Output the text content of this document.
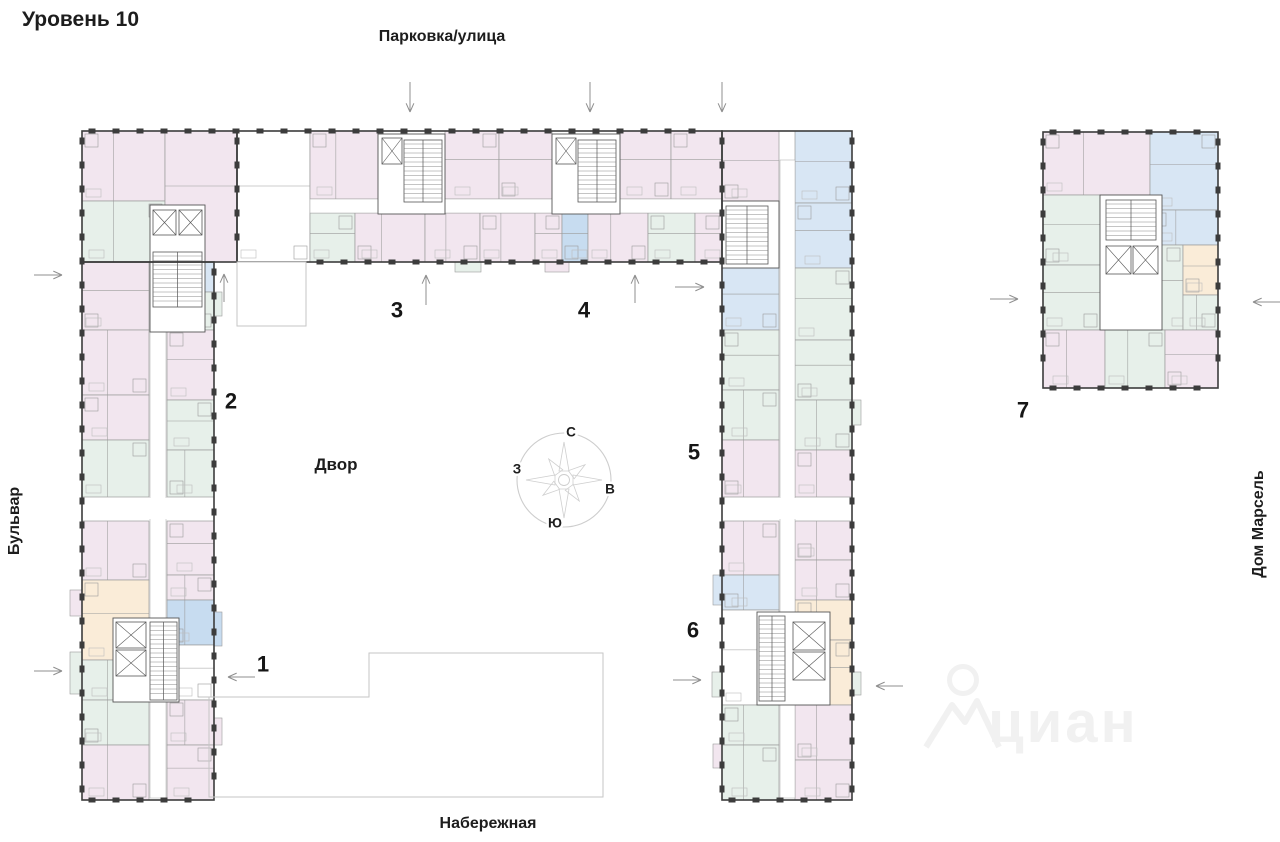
циан
С
З
В
Ю
1
2
3	4
5
6
7
Уровень 10
Парковка/улица
Набережная
Бульвар	Дом Марсель
Двор
